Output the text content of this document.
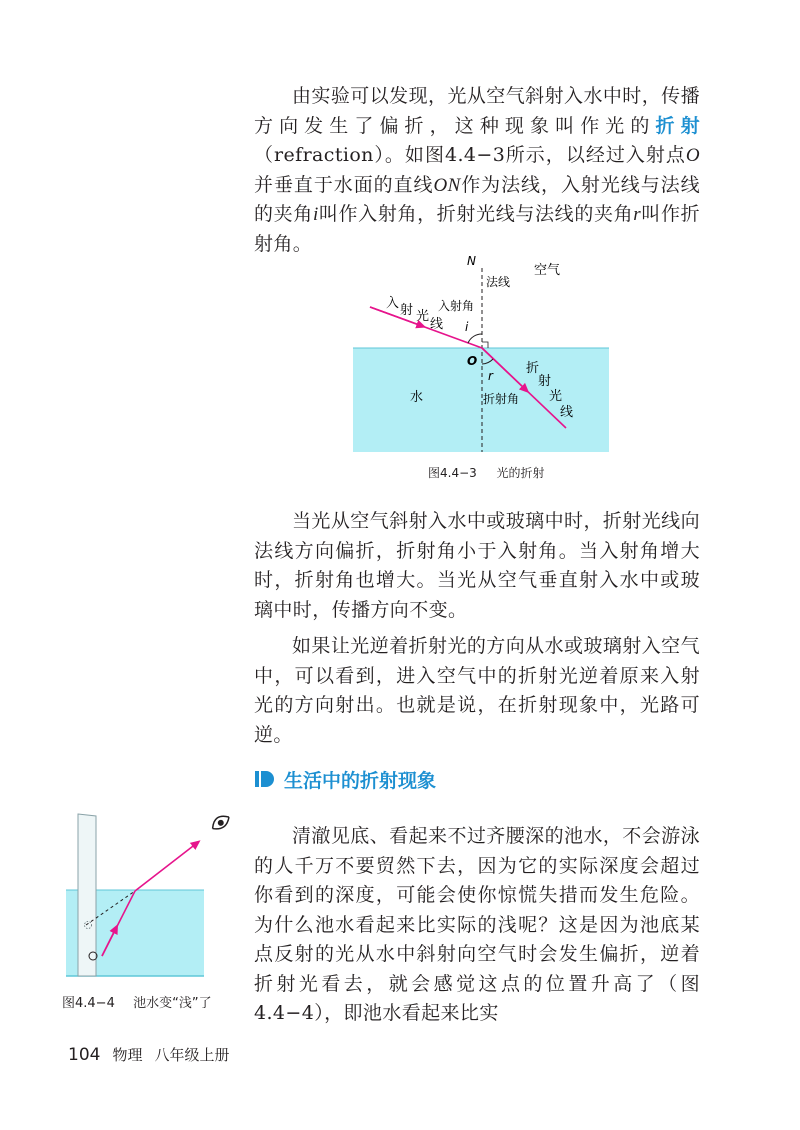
由实验可以发现，光从空气斜射入水中时，传播方向发生了偏折，这种现象叫作光的折射（refraction）。如图4.4−3所示，以经过入射点O并垂直于水面的直线ON作为法线，入射光线与法线的夹角i叫作入射角，折射光线与法线的夹角r叫作折射角。

N
法线
空气
入 射 光
线
入射角
i
O
r
水	折射角
折
射
光
线
图4.4−3 光的折射

当光从空气斜射入水中或玻璃中时，折射光线向法线方向偏折，折射角小于入射角。当入射角增大时，折射角也增大。当光从空气垂直射入水中或玻璃中时，传播方向不变。

如果让光逆着折射光的方向从水或玻璃射入空气中，可以看到，进入空气中的折射光逆着原来入射光的方向射出。也就是说，在折射现象中，光路可逆。

生活中的折射现象
图4.4−4 池水变“浅”了

清澈见底、看起来不过齐腰深的池水，不会游泳的人千万不要贸然下去，因为它的实际深度会超过你看到的深度，可能会使你惊慌失措而发生危险。为什么池水看起来比实际的浅呢？这是因为池底某点反射的光从水中斜射向空气时会发生偏折，逆着折射光看去，就会感觉这点的位置升高了（图4.4−4），即池水看起来比实

104 物理 八年级上册
